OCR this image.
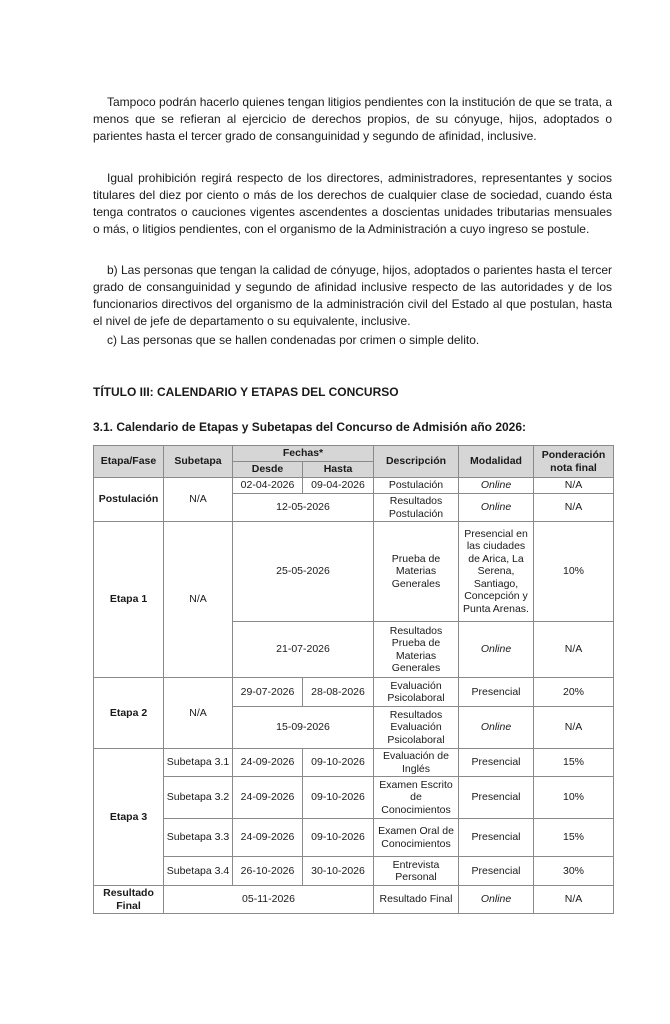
Tampoco podrán hacerlo quienes tengan litigios pendientes con la institución de que se trata, a menos que se refieran al ejercicio de derechos propios, de su cónyuge, hijos, adoptados o parientes hasta el tercer grado de consanguinidad y segundo de afinidad, inclusive.

Igual prohibición regirá respecto de los directores, administradores, representantes y socios titulares del diez por ciento o más de los derechos de cualquier clase de sociedad, cuando ésta tenga contratos o cauciones vigentes ascendentes a doscientas unidades tributarias mensuales o más, o litigios pendientes, con el organismo de la Administración a cuyo ingreso se postule.

b) Las personas que tengan la calidad de cónyuge, hijos, adoptados o parientes hasta el tercer grado de consanguinidad y segundo de afinidad inclusive respecto de las autoridades y de los funcionarios directivos del organismo de la administración civil del Estado al que postulan, hasta el nivel de jefe de departamento o su equivalente, inclusive.

c) Las personas que se hallen condenadas por crimen o simple delito.

TÍTULO III: CALENDARIO Y ETAPAS DEL CONCURSO

3.1. Calendario de Etapas y Subetapas del Concurso de Admisión año 2026:

Etapa/Fase	Subetapa	Fechas*		Descripción	Modalidad	Ponderación nota final
		Desde	Hasta			
Postulación	N/A	02-04-2026	09-04-2026	Postulación	Online	N/A
		12-05-2026		Resultados Postulación	Online	N/A
Etapa 1	N/A	25-05-2026		Prueba de Materias Generales	Presencial en las ciudades de Arica, La Serena, Santiago, Concepción y Punta Arenas.	10%
		21-07-2026		Resultados Prueba de Materias Generales	Online	N/A
Etapa 2	N/A	29-07-2026	28-08-2026	Evaluación Psicolaboral	Presencial	20%
		15-09-2026		Resultados Evaluación Psicolaboral	Online	N/A
Etapa 3	Subetapa 3.1	24-09-2026	09-10-2026	Evaluación de Inglés	Presencial	15%
	Subetapa 3.2	24-09-2026	09-10-2026	Examen Escrito de Conocimientos	Presencial	10%
	Subetapa 3.3	24-09-2026	09-10-2026	Examen Oral de Conocimientos	Presencial	15%
	Subetapa 3.4	26-10-2026	30-10-2026	Entrevista Personal	Presencial	30%
Resultado Final	05-11-2026			Resultado Final	Online	N/A
